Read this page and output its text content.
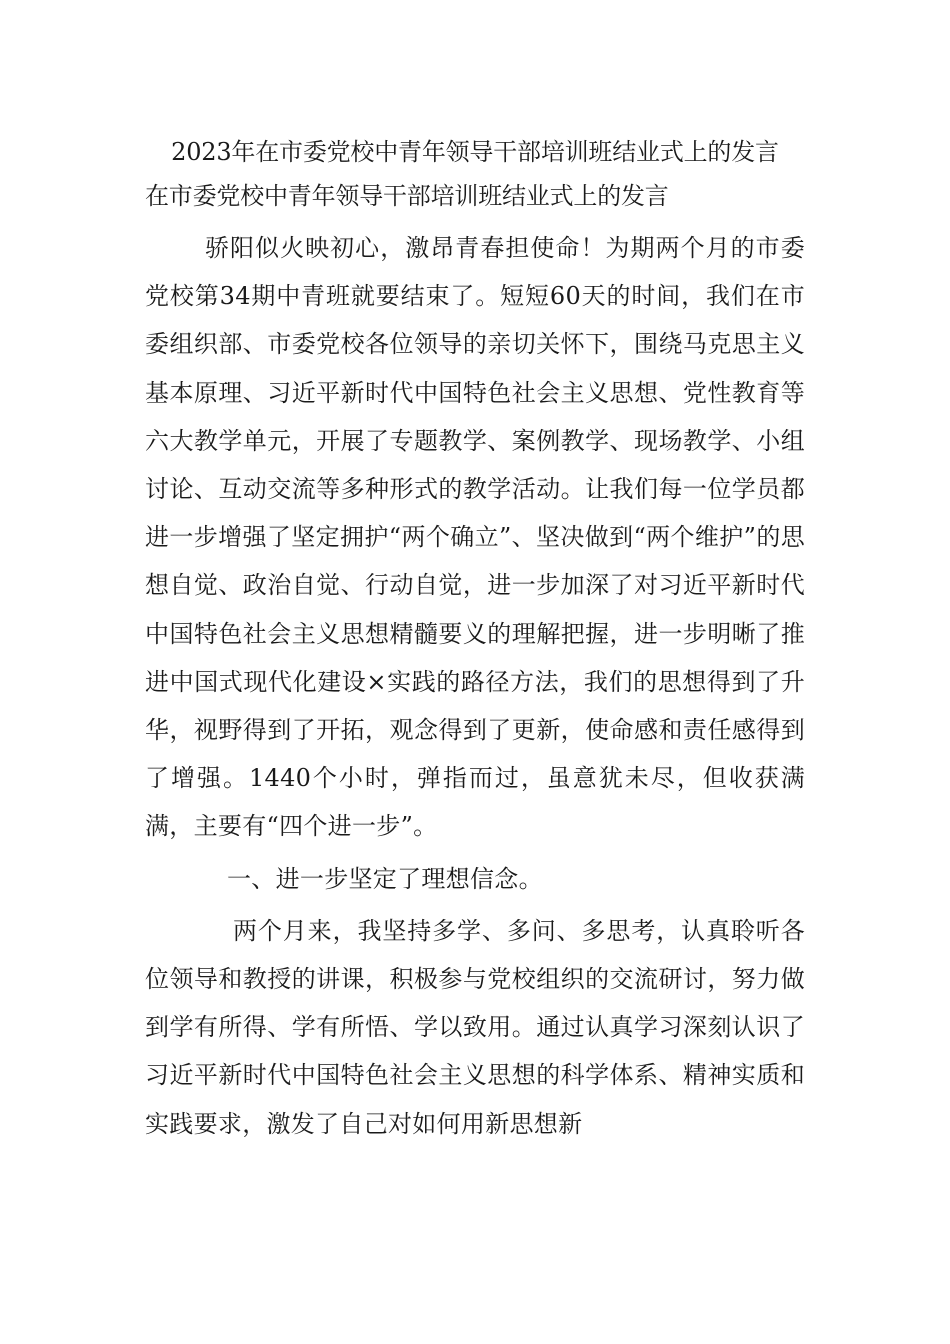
2023年在市委党校中青年领导干部培训班结业式上的发言
在市委党校中青年领导干部培训班结业式上的发言

骄阳似火映初心，激昂青春担使命！为期两个月的市委党校第34期中青班就要结束了。短短60天的时间，我们在市委组织部、市委党校各位领导的亲切关怀下，围绕马克思主义基本原理、习近平新时代中国特色社会主义思想、党性教育等六大教学单元，开展了专题教学、案例教学、现场教学、小组讨论、互动交流等多种形式的教学活动。让我们每一位学员都进一步增强了坚定拥护“两个确立”、坚决做到“两个维护”的思想自觉、政治自觉、行动自觉，进一步加深了对习近平新时代中国特色社会主义思想精髓要义的理解把握，进一步明晰了推进中国式现代化建设×实践的路径方法，我们的思想得到了升华，视野得到了开拓，观念得到了更新，使命感和责任感得到了增强。1440个小时，弹指而过，虽意犹未尽，但收获满满，主要有“四个进一步”。

一、进一步坚定了理想信念。

两个月来，我坚持多学、多问、多思考，认真聆听各位领导和教授的讲课，积极参与党校组织的交流研讨，努力做到学有所得、学有所悟、学以致用。通过认真学习深刻认识了习近平新时代中国特色社会主义思想的科学体系、精神实质和实践要求，激发了自己对如何用新思想新
